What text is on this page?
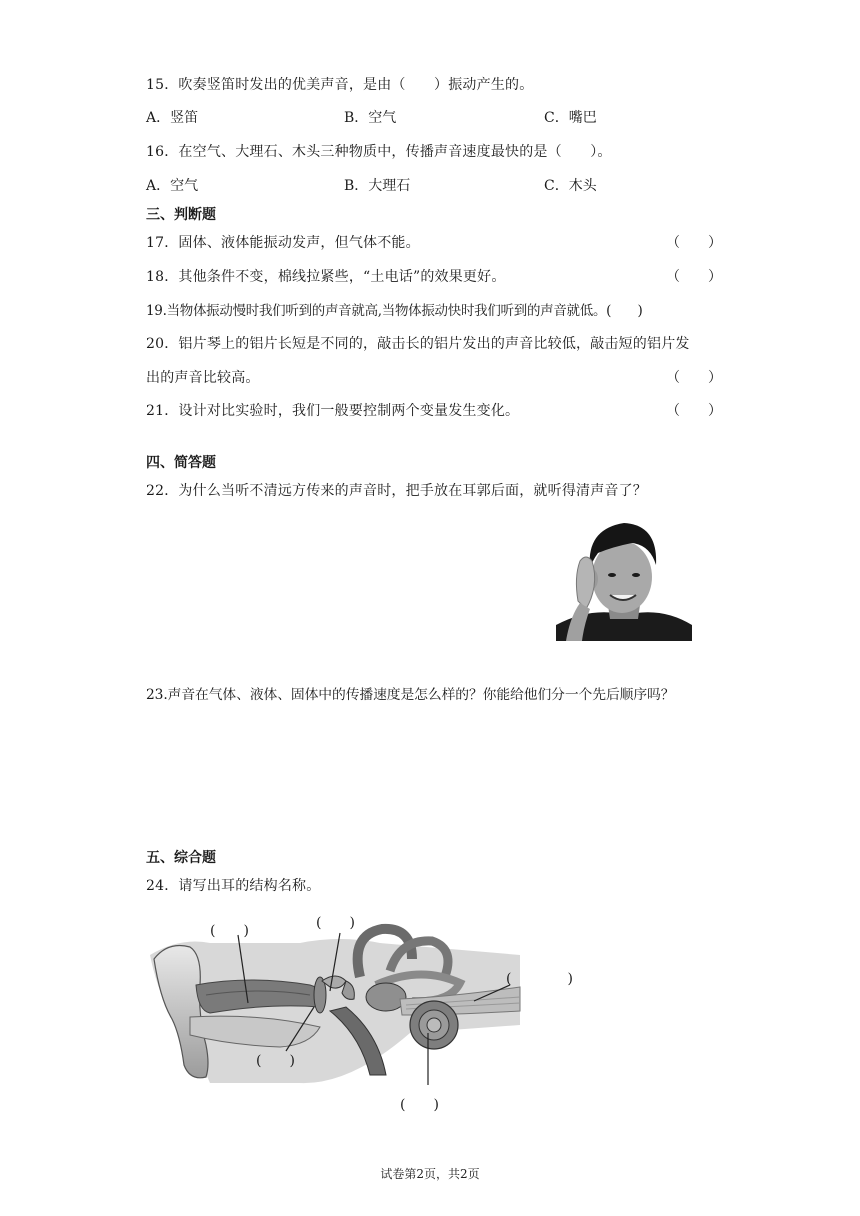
15．吹奏竖笛时发出的优美声音，是由（　　）振动产生的。
A．竖笛	B．空气	C．嘴巴
16．在空气、大理石、木头三种物质中，传播声音速度最快的是（　　）。
A．空气	B．大理石	C．木头
三、判断题
17．固体、液体能振动发声，但气体不能。	（　　）
18．其他条件不变，棉线拉紧些，“土电话”的效果更好。	（　　）
19.当物体振动慢时我们听到的声音就高,当物体振动快时我们听到的声音就低。(　　)
20．铝片琴上的铝片长短是不同的，敲击长的铝片发出的声音比较低，敲击短的铝片发
出的声音比较高。	（　　）
21．设计对比实验时，我们一般要控制两个变量发生变化。	（　　）
四、简答题
22．为什么当听不清远方传来的声音时，把手放在耳郭后面，就听得清声音了？
23.声音在气体、液体、固体中的传播速度是怎么样的？你能给他们分一个先后顺序吗？
五、综合题
24．请写出耳的结构名称。
(　　)	(　　)
(　　　　)
(　　)
(　　)
试卷第2页，共2页
